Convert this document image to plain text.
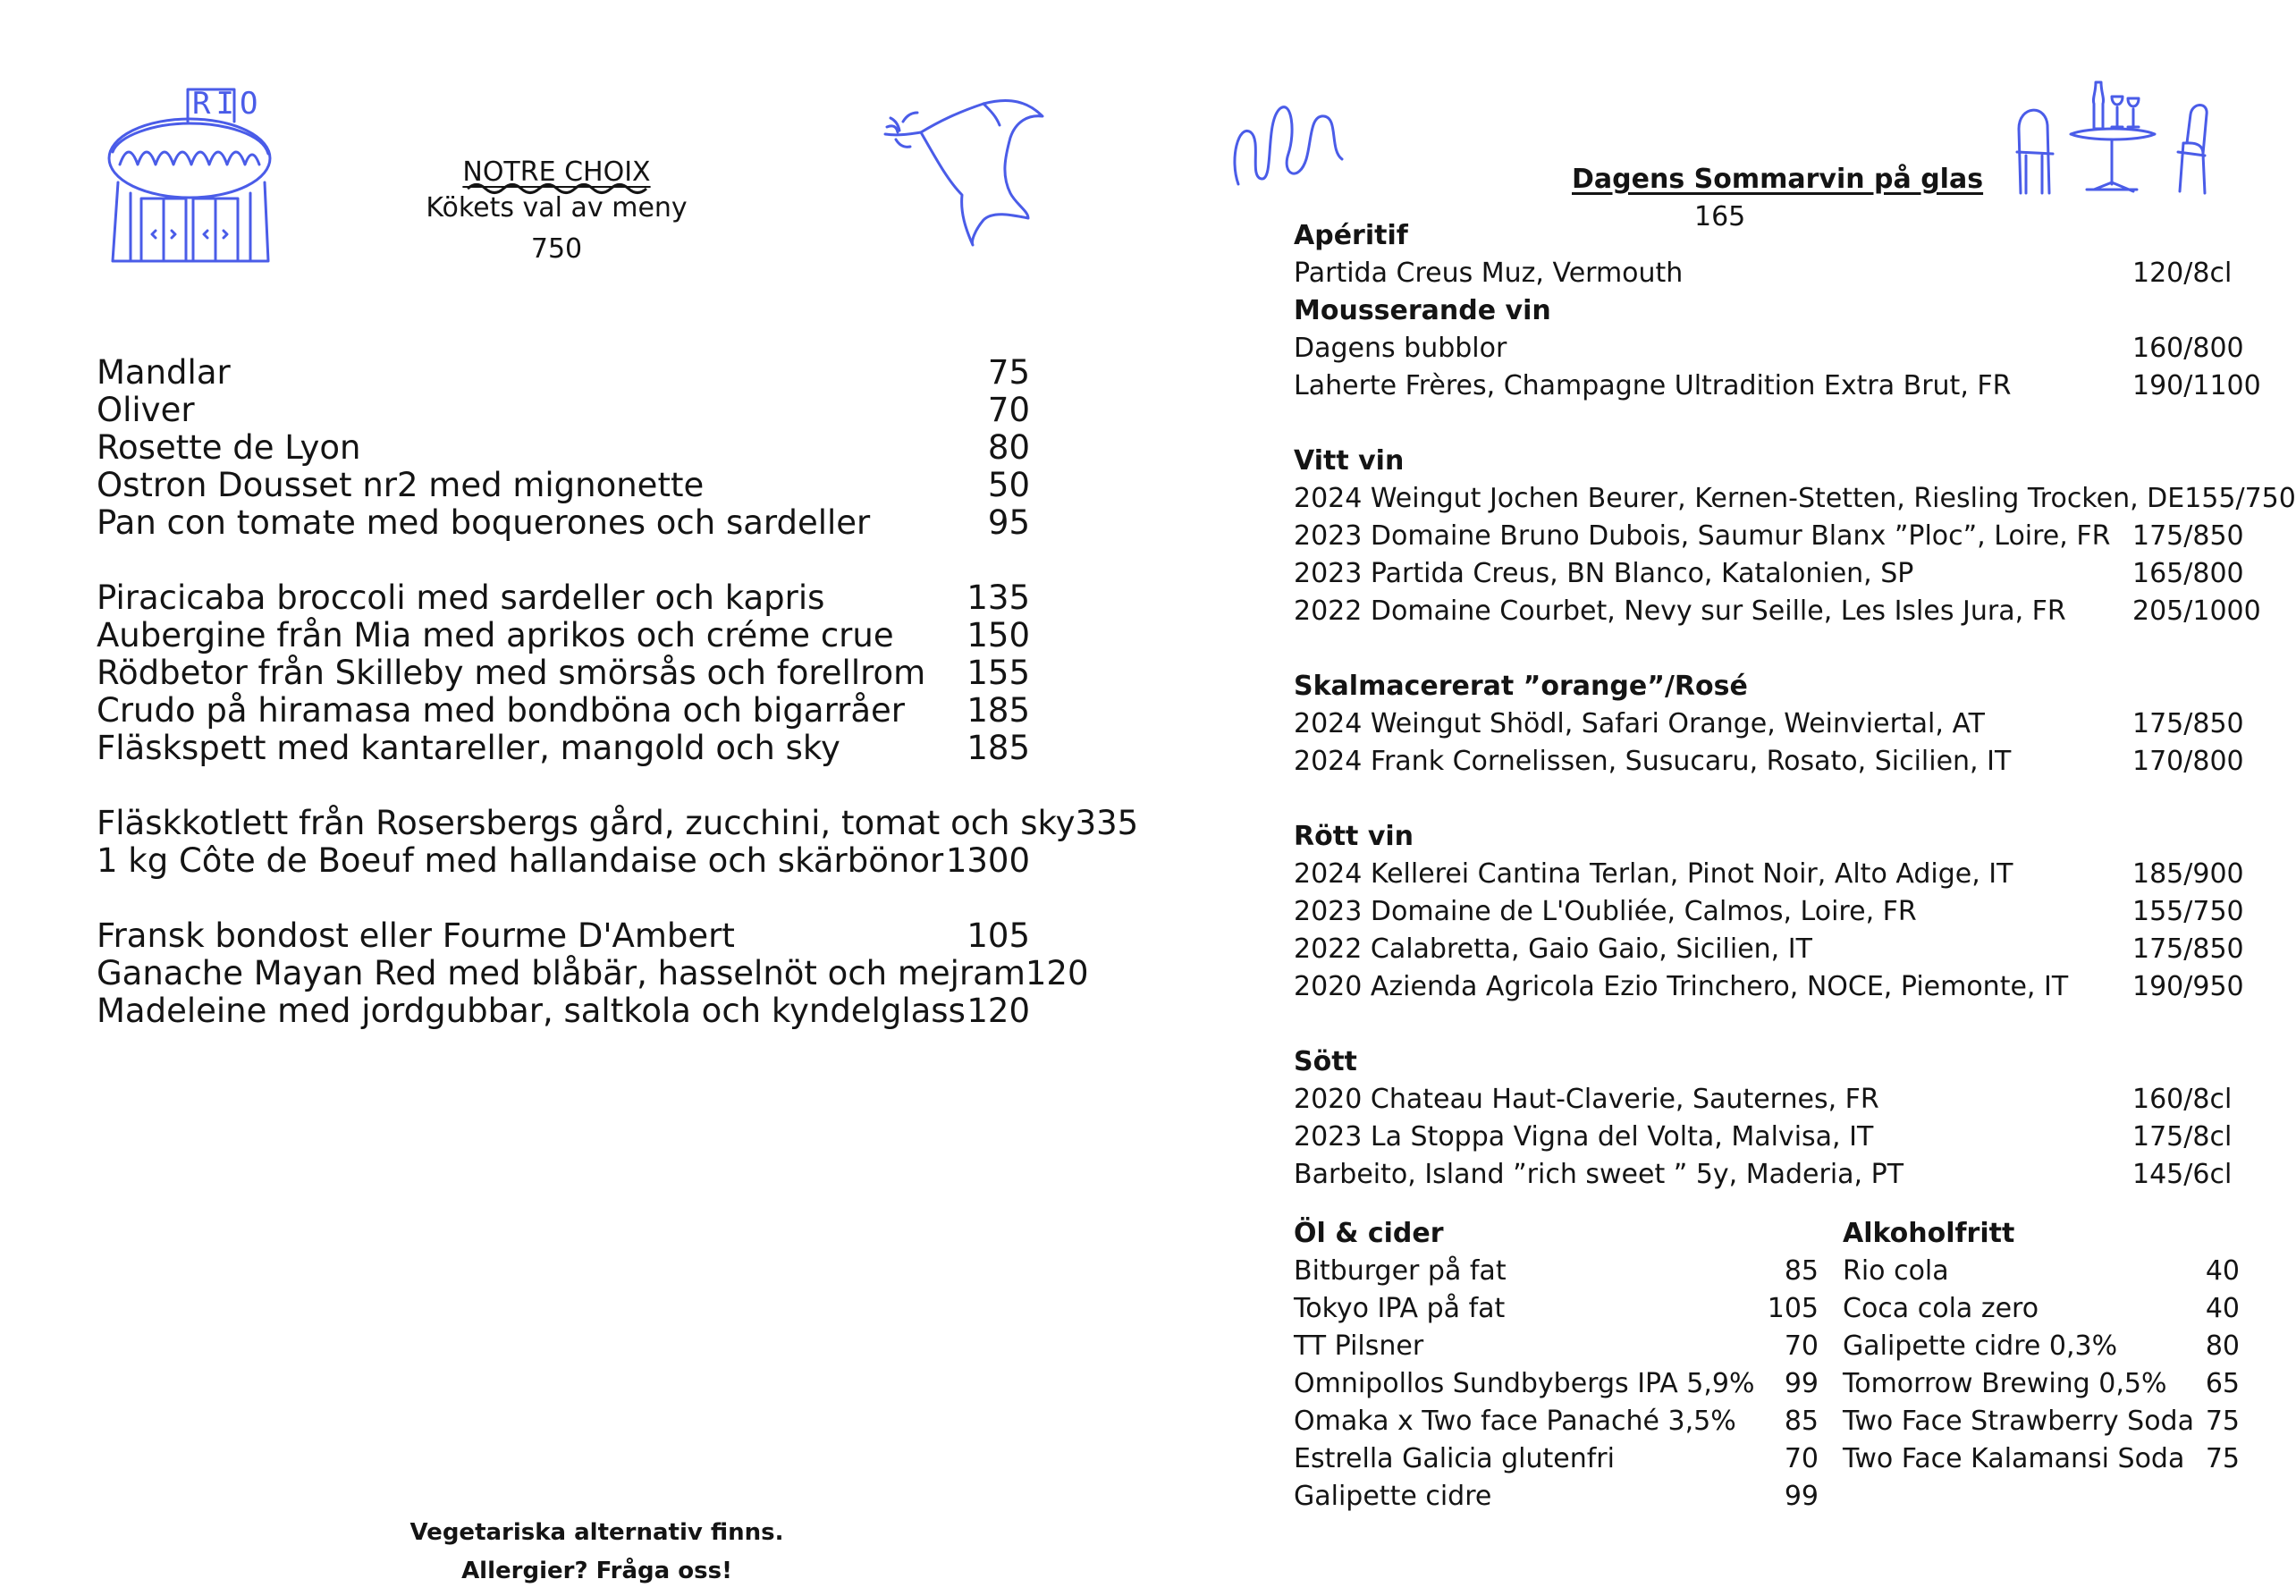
RIO
NOTRE CHOIX
Kökets val av meny
750
Mandlar	75
Oliver	70
Rosette de Lyon	80
Ostron Dousset nr2 med mignonette	50
Pan con tomate med boquerones och sardeller	95
Piracicaba broccoli med sardeller och kapris	135
Aubergine från Mia med aprikos och créme crue 150
Rödbetor från Skilleby med smörsås och forellrom 155
Crudo på hiramasa med bondböna och bigarråer 185
Fläskspett med kantareller, mangold och sky	185
Fläskkotlett från Rosersbergs gård, zucchini, tomat och sky 335
1 kg Côte de Boeuf med hallandaise och skärbönor 1300
Fransk bondost eller Fourme D'Ambert	105
Ganache Mayan Red med blåbär, hasselnöt och mejram 120
Madeleine med jordgubbar, saltkola och kyndelglass 120
Vegetariska alternativ finns.
Allergier? Fråga oss!
Dagens Sommarvin på glas
165
Apéritif
Partida Creus Muz, Vermouth	120/8cl
Mousserande vin
Dagens bubblor	160/800
Laherte Frères, Champagne Ultradition Extra Brut, FR	190/1100
Vitt vin
2024 Weingut Jochen Beurer, Kernen-Stetten, Riesling Trocken, DE 155/750
2023 Domaine Bruno Dubois, Saumur Blanx ”Ploc”, Loire, FR 175/850
2023 Partida Creus, BN Blanco, Katalonien, SP	165/800
2022 Domaine Courbet, Nevy sur Seille, Les Isles Jura, FR	205/1000
Skalmacererat ”orange”/Rosé
2024 Weingut Shödl, Safari Orange, Weinviertal, AT	175/850
2024 Frank Cornelissen, Susucaru, Rosato, Sicilien, IT	170/800
Rött vin
2024 Kellerei Cantina Terlan, Pinot Noir, Alto Adige, IT	185/900
2023 Domaine de L'Oubliée, Calmos, Loire, FR	155/750
2022 Calabretta, Gaio Gaio, Sicilien, IT	175/850
2020 Azienda Agricola Ezio Trinchero, NOCE, Piemonte, IT	190/950
Sött
2020 Chateau Haut-Claverie, Sauternes, FR	160/8cl
2023 La Stoppa Vigna del Volta, Malvisa, IT	175/8cl
Barbeito, Island ”rich sweet ” 5y, Maderia, PT	145/6cl
Öl & cider
Bitburger på fat	85
Tokyo IPA på fat	105
TT Pilsner	70
Omnipollos Sundbybergs IPA 5,9% 99
Omaka x Two face Panaché 3,5% 85
Estrella Galicia glutenfri	70
Galipette cidre	99
Alkoholfritt
Rio cola	40
Coca cola zero	40
Galipette cidre 0,3%	80
Tomorrow Brewing 0,5% 65
Two Face Strawberry Soda 75
Two Face Kalamansi Soda 75
